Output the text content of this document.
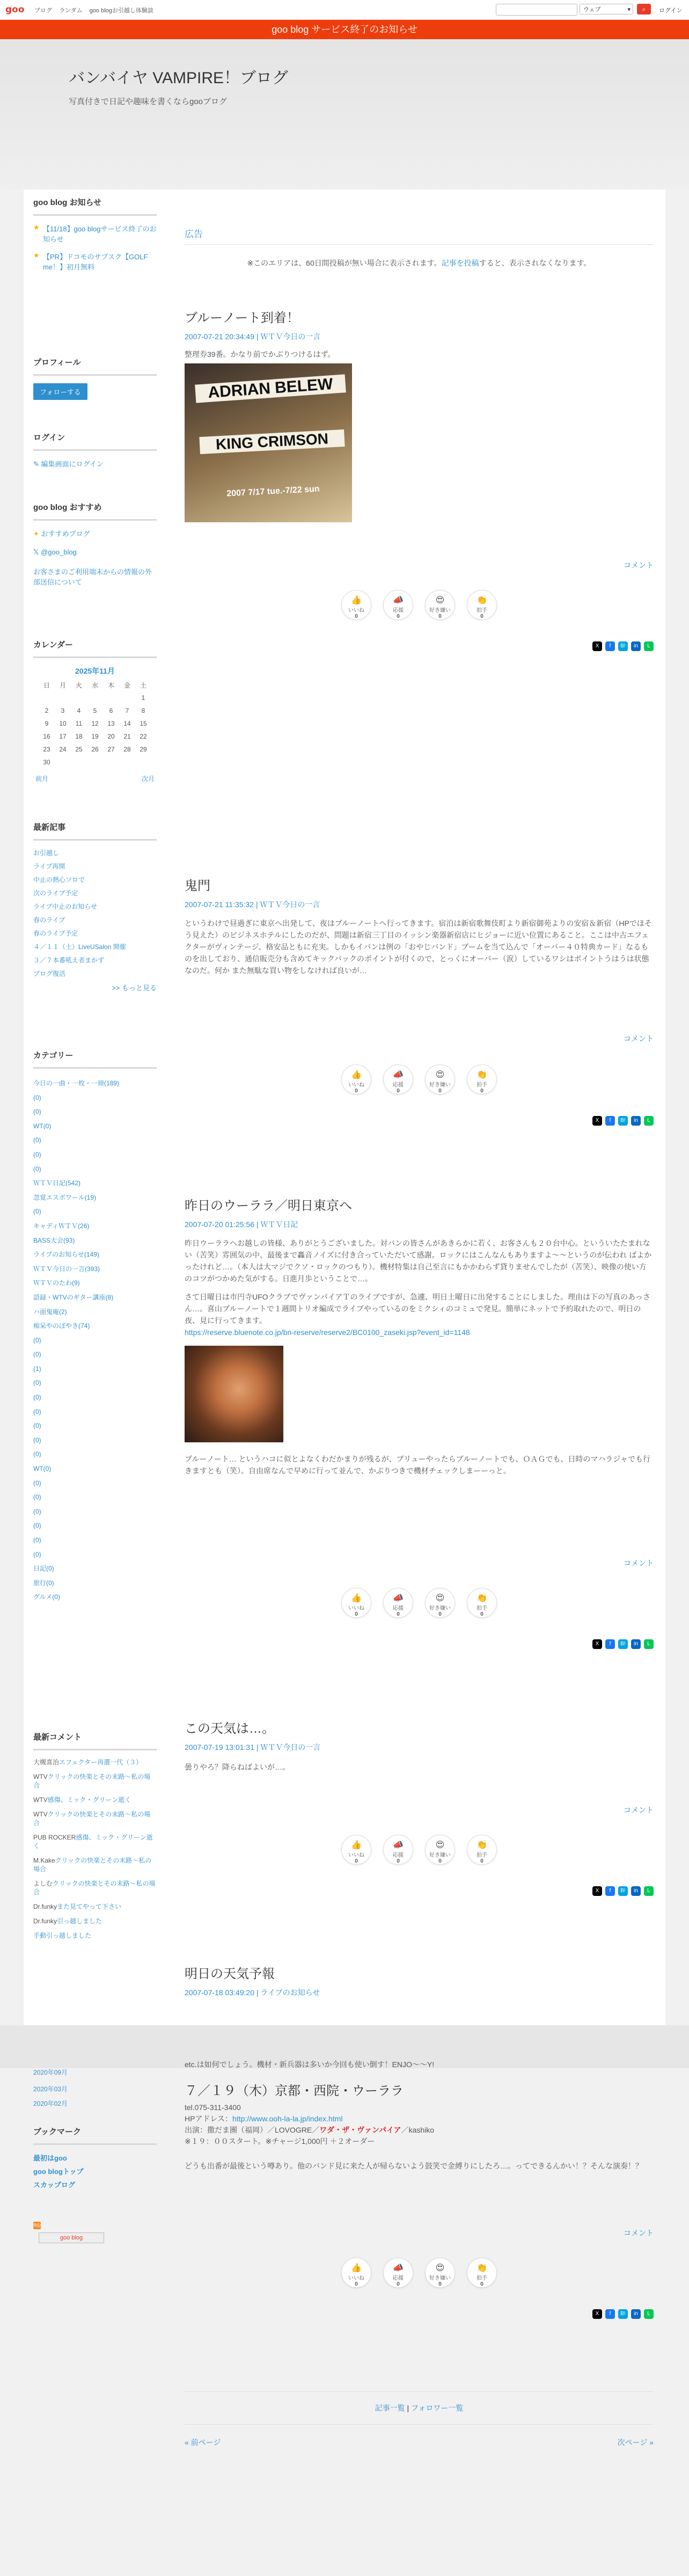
goo ブログ ランダム goo blogお引越し体験談	ウェブ	▾	⌕	ログイン
goo blog サービス終了のお知らせ
バンバイヤ VAMPIRE！ブログ
写真付きで日記や趣味を書くならgooブログ
goo blog お知らせ
★ 【11/18】goo blogサービス終了のお知らせ
★ 【PR】ドコモのサブスク【GOLF me！】初月無料
プロフィール
フォローする
ログイン
✎ 編集画面にログイン
goo blog おすすめ
✦ おすすめブログ
𝕏 @goo_blog
お客さまのご利用端末からの情報の外部送信について
カレンダー
2025年11月
日	月	火	水	木	金	土
						1
2	3	4	5	6	7	8
9	10	11	12	13	14	15
16	17	18	19	20	21	22
23	24	25	26	27	28	29
30						
前月	次月
最新記事
お引越し
ライブ再開
中止の熱心ソロで
次のライブ予定
ライブ中止のお知らせ
春のライブ
春のライブ予定
４／１１（土）LiveUSalon 開催
３／７本番吼え者まかず
ブログ復活
>> もっと見る
カテゴリー
今日の一曲・一枚・一冊(189)
(0)
(0)
WT(0)
(0)
(0)
(0)
ＷＴＶ日記(542)
忽覚エスポワール(19)
(0)
キャディＷＴＶ(26)
BASS大会(93)
ライブのお知らせ(149)
ＷＴＶ今日の一言(393)
ＷＴＶのたわ(9)
語録・WTVのギター講座(8)
ハ面鬼庵(2)
痴呆やのぼやき(74)
(0)
(0)
(1)
(0)
(0)
(0)
(0)
(0)
(0)
WT(0)
(0)
(0)
(0)
(0)
(0)
(0)
日記(0)
旅行(0)
グルメ(0)
最新コメント
大槻喜治エフェクター再選一代（３）
WTVクリックの快楽とその末路〜私の場合
WTV感傷、ミック・グリーン逝く
WTVクリックの快楽とその末路〜私の場合
PUB ROCKER感傷、ミック・グリーン逝く
M.Kakeクリックの快楽とその末路〜私の場合
よしむクリックの快楽とその末路〜私の場合
Dr.funkyまた見てやって下さい
Dr.funky引っ越しました
手動引っ越しました
2020年09月
2020年03月
2020年02月
ブックマーク
最初はgoo
goo blogトップ
スカップログ
RSS
goo blog
広告
※このエリアは、60日間投稿が無い場合に表示されます。記事を投稿すると、表示されなくなります。
ブルーノート到着！
2007-07-21 20:34:49 | ＷＴＶ今日の一言
整理券39番。かなり前でかぶりつけるはず。
ADRIAN BELEW
KING CRIMSON
2007 7/17 tue.-7/22 sun
コメント
👍
いいね
0
📣
応援
0
😍
好き嫌い
0
👏
拍手
0
X	f	B!	in	L
鬼門
2007-07-21 11:35:32 | ＷＴＶ今日の一言
というわけで昼過ぎに東京へ出発して、夜はブルーノートへ行ってきます。宿泊は新宿歌舞伎町より新宿御苑よりの安宿＆新宿（HPでほそう見えた）のビジネスホテルにしたのだが、問題は新宿三丁目のイッシン楽器新宿店にヒジョーに近い位置にあること。ここは中古エフェクターがヴィンテージ、格安品ともに充実。しかもイバンは例の「おやじバンド」ブームを当て込んで「オーバー４０特典カード」なるものを出しており、通信販売分も含めてキックバックのポイントが付くので、とっくにオーバー（涙）しているワシはポイントうはうは状態なのだ。何か また無駄な買い物をしなければ良いが…
コメント
👍
いいね
0
📣
応援
0
😍
好き嫌い
0
👏
拍手
0
X	f	B!	in	L
昨日のウーララ／明日東京へ
2007-07-20 01:25:56 | ＷＴＶ日記
昨日ウーララへお越しの皆様、ありがとうございました。対バンの皆さんがあきらかに若く、お客さんも２０台中心。といういたたまれない（苦笑）雰囲気の中、最後まで轟音ノイズに付き合っていただいて感謝。ロックにはこんなんもありますよ〜〜というのが伝われ ばよかったけれど…。（本人は大マジでクソ・ロックのつもり）。機材特集は自己至言にもかかわらず貸りませんでしたが（苦笑）、映像の使い方のコツがつかめた気がする。日進月歩ということで…。
さて日曜日は市円寺UFOクラブでヴァンパイアＴのライブですが、急遽、明日土曜日に出発することにしました。理由は下の写真のあっさん…。喜山ブルーノートで１週間トリオ編成でライブやっているのをミクシィのコミュで発見。簡単にネットで予約取れたので、明日の夜、見に行ってきます。
https://reserve.bluenote.co.jp/bn-reserve/reserve2/BC0100_zaseki.jsp?event_id=1148
ブルーノート… というハコに似とよなくわだかまりが残るが、ブリューやったらブルーノートでも、ＯＡＧでも、日時のマハラジャでも行きますとも（笑）。自由席なんで早めに行って並んで、かぶりつきで機材チェックしまーーっと。
コメント
👍
いいね
0
📣
応援
0
😍
好き嫌い
0
👏
拍手
0
X	f	B!	in	L
この天気は…。
2007-07-19 13:01:31 | ＷＴＶ今日の一言
曇りやろ？降らねばよいが…。
コメント
👍
いいね
0
📣
応援
0
😍
好き嫌い
0
👏
拍手
0
X	f	B!	in	L
明日の天気予報
2007-07-18 03:49:20 | ライブのお知らせ
etc.は如何でしょう。機材・新兵器は多いか今回も使い倒す！ENJO〜〜Y!
７／１９（木）京都・西院・ウーララ
tel.075-311-3400
HPアドレス：http://www.ooh-la-la.jp/index.html
出演：撒だま團（福岡）／LOVOGRE／ワダ・ザ・ヴァンパイア／kashiko
※１９：００スタート。※チャージ1,000円 ＋２オーダー
どうも出番が最後という噂あり。他のバンド見に来た人が帰らないよう鼓笑で金縛りにしたろ…。ってできるんかい！？そんな演奏！？
コメント
👍
いいね
0
📣
応援
0
😍
好き嫌い
0
👏
拍手
0
X	f	B!	in	L
記事一覧 | フォロワー一覧
« 前ページ	次ページ »
